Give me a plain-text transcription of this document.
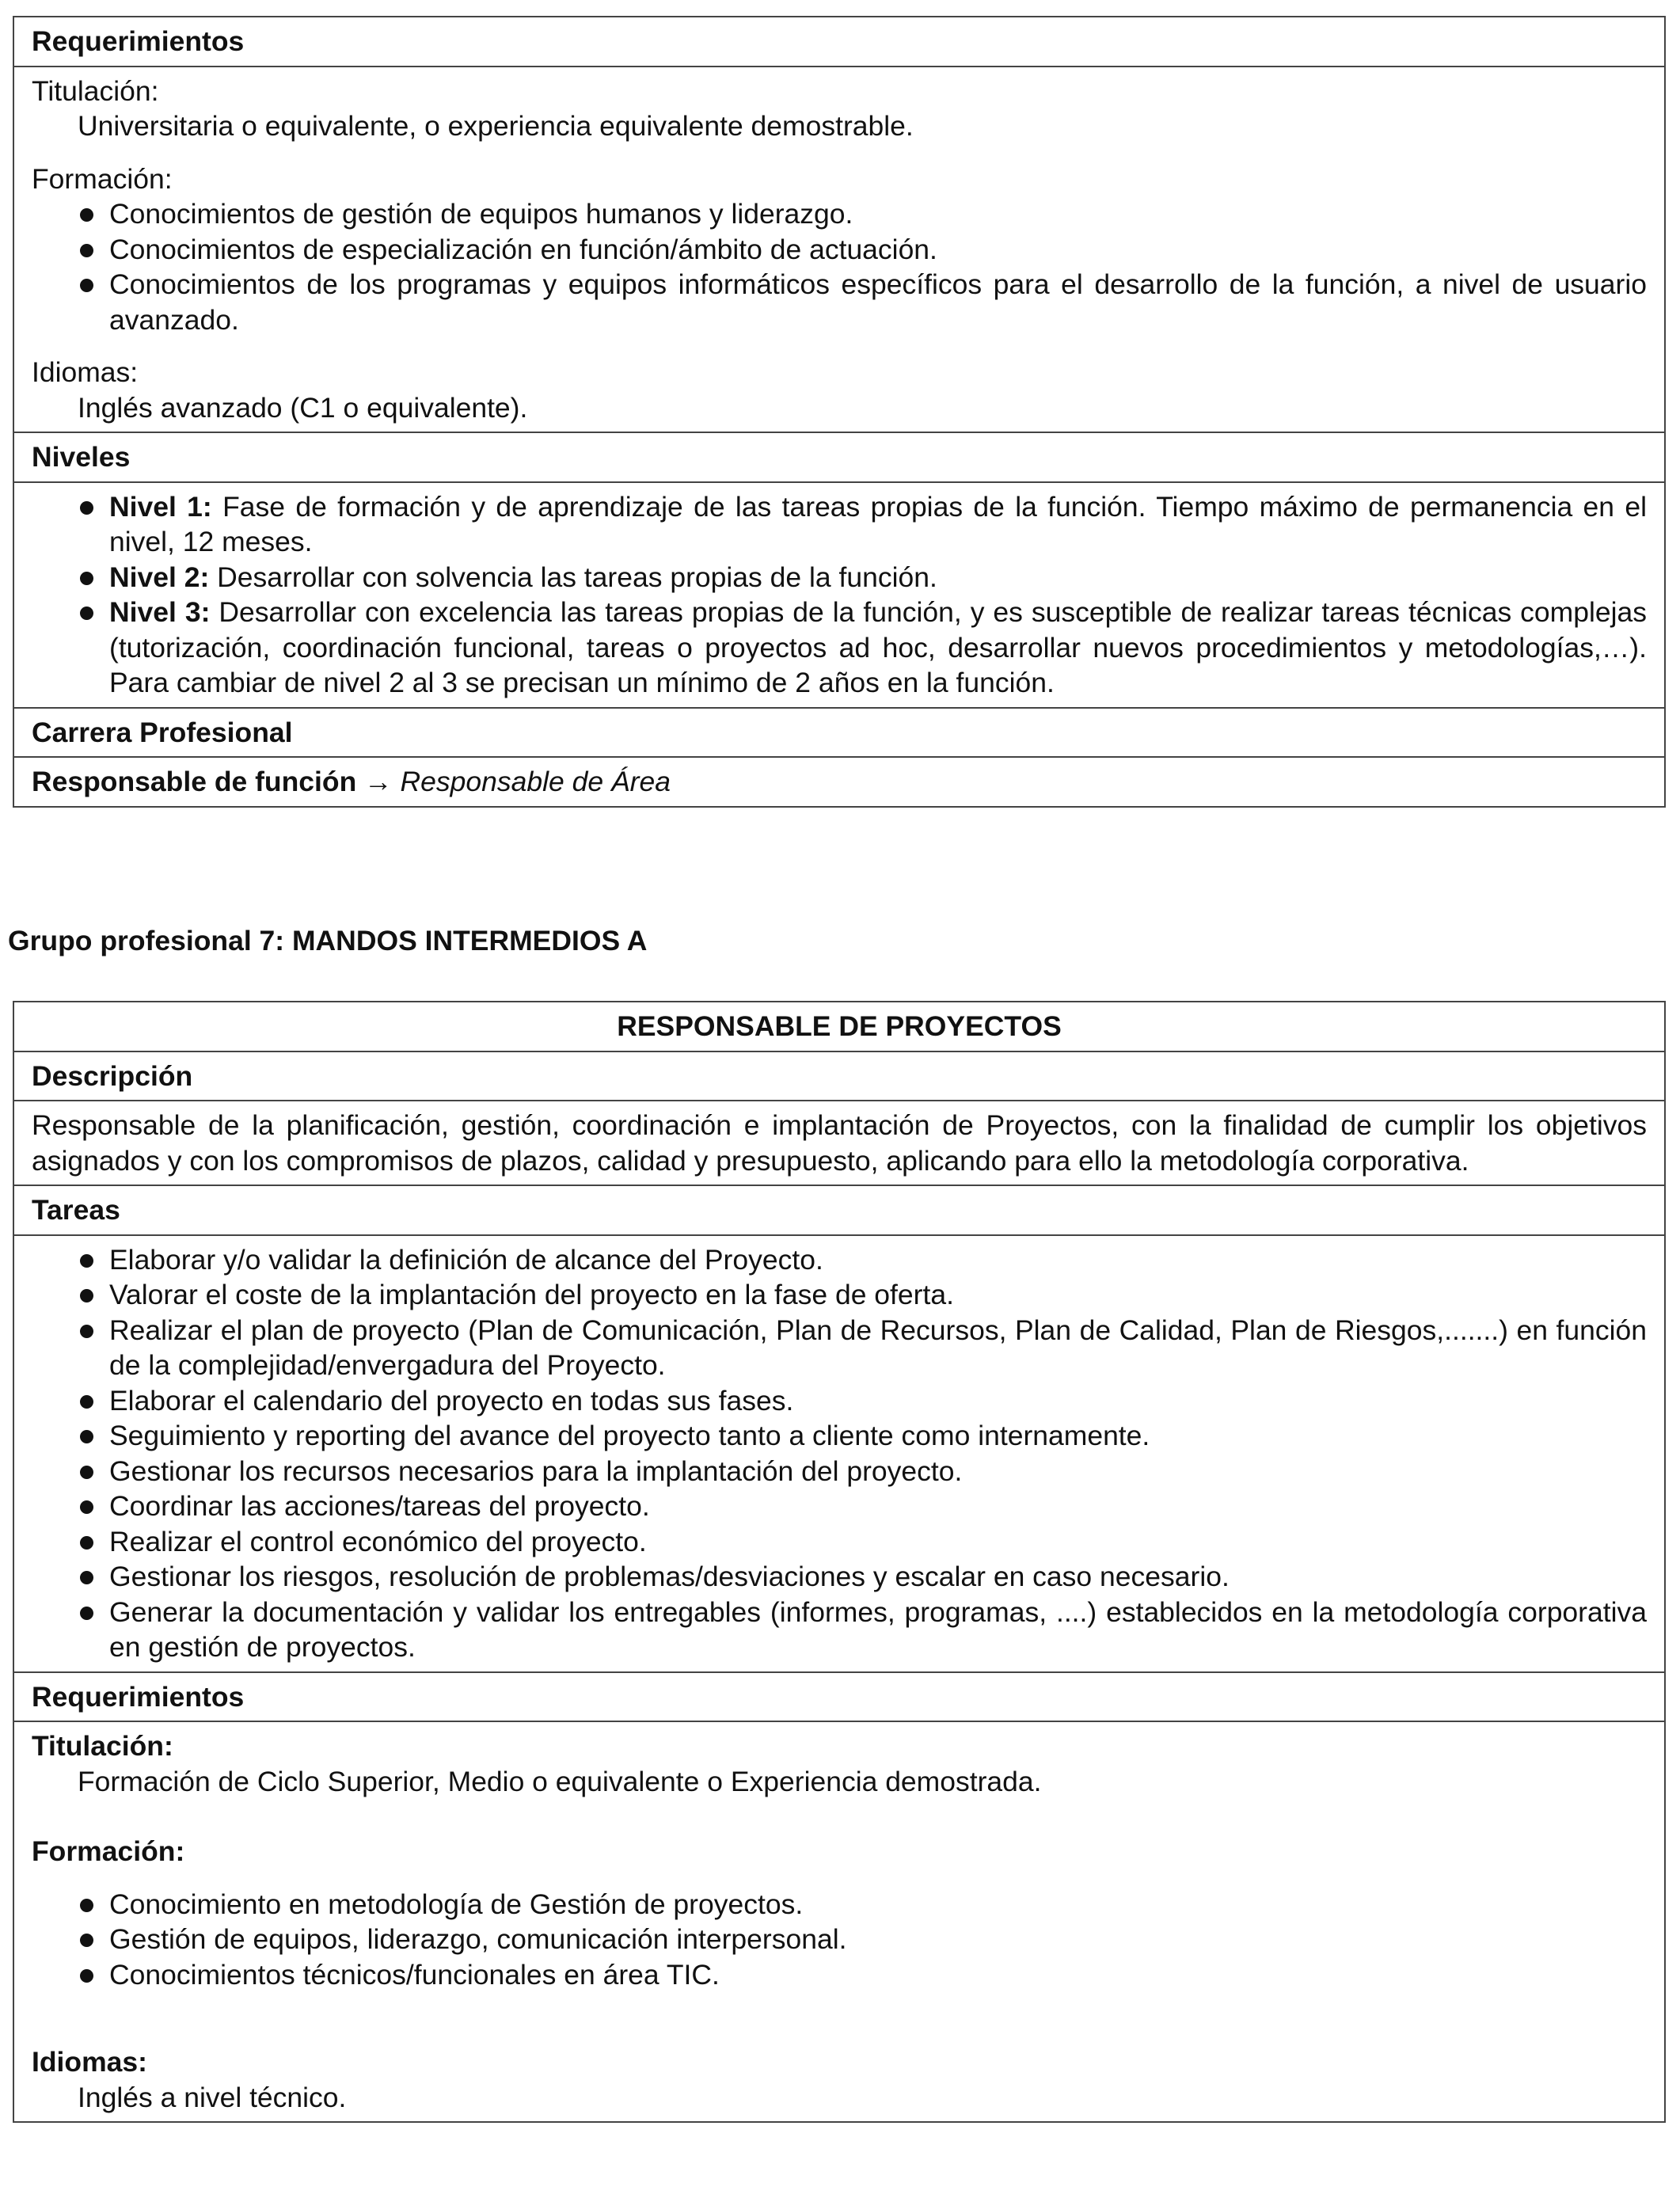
Requerimientos
Titulación:
Universitaria o equivalente, o experiencia equivalente demostrable.
Formación:
Conocimientos de gestión de equipos humanos y liderazgo.
Conocimientos de especialización en función/ámbito de actuación.
Conocimientos de los programas y equipos informáticos específicos para el desarrollo de la función, a nivel de usuario avanzado.
Idiomas:
Inglés avanzado (C1 o equivalente).
Niveles
Nivel 1: Fase de formación y de aprendizaje de las tareas propias de la función. Tiempo máximo de permanencia en el nivel, 12 meses.
Nivel 2: Desarrollar con solvencia las tareas propias de la función.
Nivel 3: Desarrollar con excelencia las tareas propias de la función, y es susceptible de realizar tareas técnicas complejas (tutorización, coordinación funcional, tareas o proyectos ad hoc, desarrollar nuevos procedimientos y metodologías,…). Para cambiar de nivel 2 al 3 se precisan un mínimo de 2 años en la función.
Carrera Profesional
Responsable de función → Responsable de Área
Grupo profesional 7: MANDOS INTERMEDIOS A
RESPONSABLE DE PROYECTOS
Descripción
Responsable de la planificación, gestión, coordinación e implantación de Proyectos, con la finalidad de cumplir los objetivos asignados y con los compromisos de plazos, calidad y presupuesto, aplicando para ello la metodología corporativa.
Tareas
Elaborar y/o validar la definición de alcance del Proyecto.
Valorar el coste de la implantación del proyecto en la fase de oferta.
Realizar el plan de proyecto (Plan de Comunicación, Plan de Recursos, Plan de Calidad, Plan de Riesgos,.......) en función de la complejidad/envergadura del Proyecto.
Elaborar el calendario del proyecto en todas sus fases.
Seguimiento y reporting del avance del proyecto tanto a cliente como internamente.
Gestionar los recursos necesarios para la implantación del proyecto.
Coordinar las acciones/tareas del proyecto.
Realizar el control económico del proyecto.
Gestionar los riesgos, resolución de problemas/desviaciones y escalar en caso necesario.
Generar la documentación y validar los entregables (informes, programas, ....) establecidos en la metodología corporativa en gestión de proyectos.
Requerimientos
Titulación:
Formación de Ciclo Superior, Medio o equivalente o Experiencia demostrada.
Formación:
Conocimiento en metodología de Gestión de proyectos.
Gestión de equipos, liderazgo, comunicación interpersonal.
Conocimientos técnicos/funcionales en área TIC.
Idiomas:
Inglés a nivel técnico.
